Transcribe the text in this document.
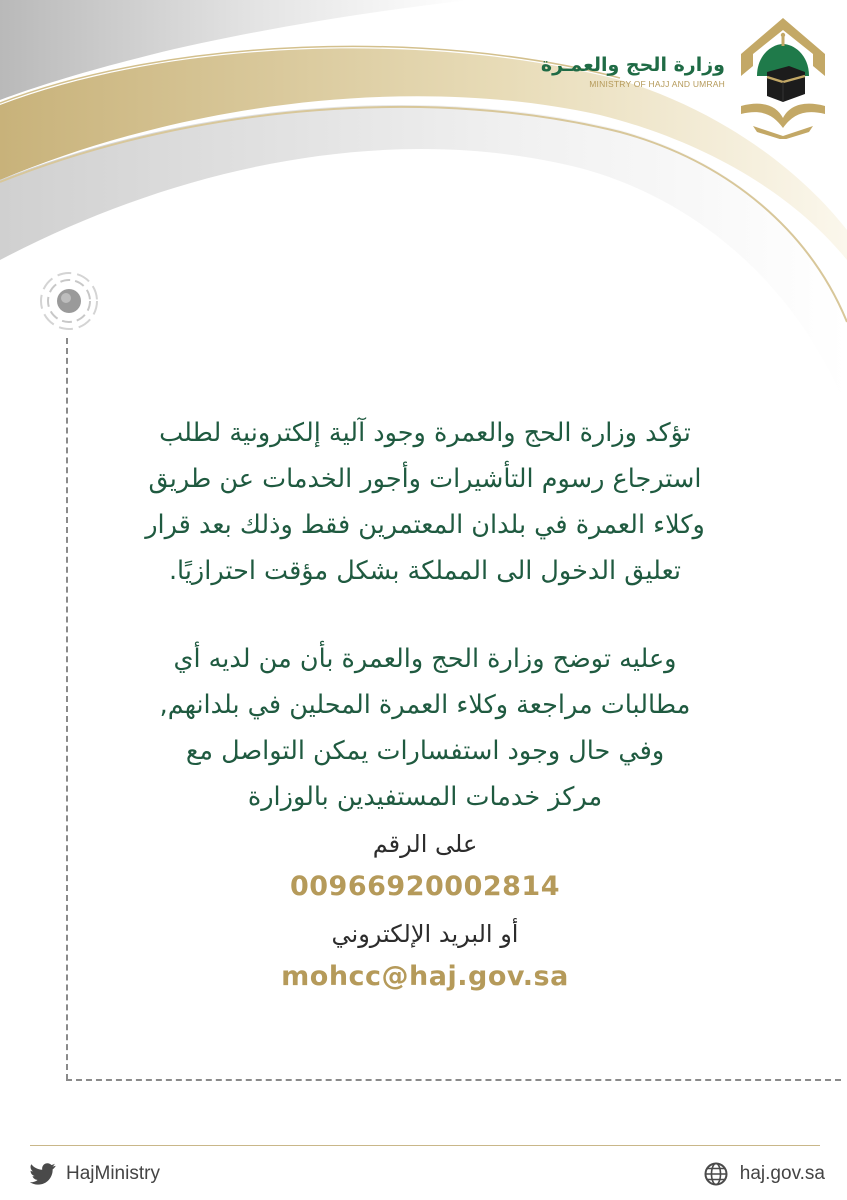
وزارة الحج والعمـرة
MINISTRY OF HAJJ AND UMRAH

تؤكد وزارة الحج والعمرة وجود آلية إلكترونية لطلب
استرجاع رسوم التأشيرات وأجور الخدمات عن طريق
وكلاء العمرة في بلدان المعتمرين فقط وذلك بعد قرار
تعليق الدخول الى المملكة بشكل مؤقت احترازيًا.

وعليه توضح وزارة الحج والعمرة بأن من لديه أي
مطالبات مراجعة وكلاء العمرة المحلين في بلدانهم,
وفي حال وجود استفسارات يمكن التواصل مع
مركز خدمات المستفيدين بالوزارة

على الرقم
00966920002814
أو البريد الإلكتروني
mohcc@haj.gov.sa
HajMinistry	haj.gov.sa
